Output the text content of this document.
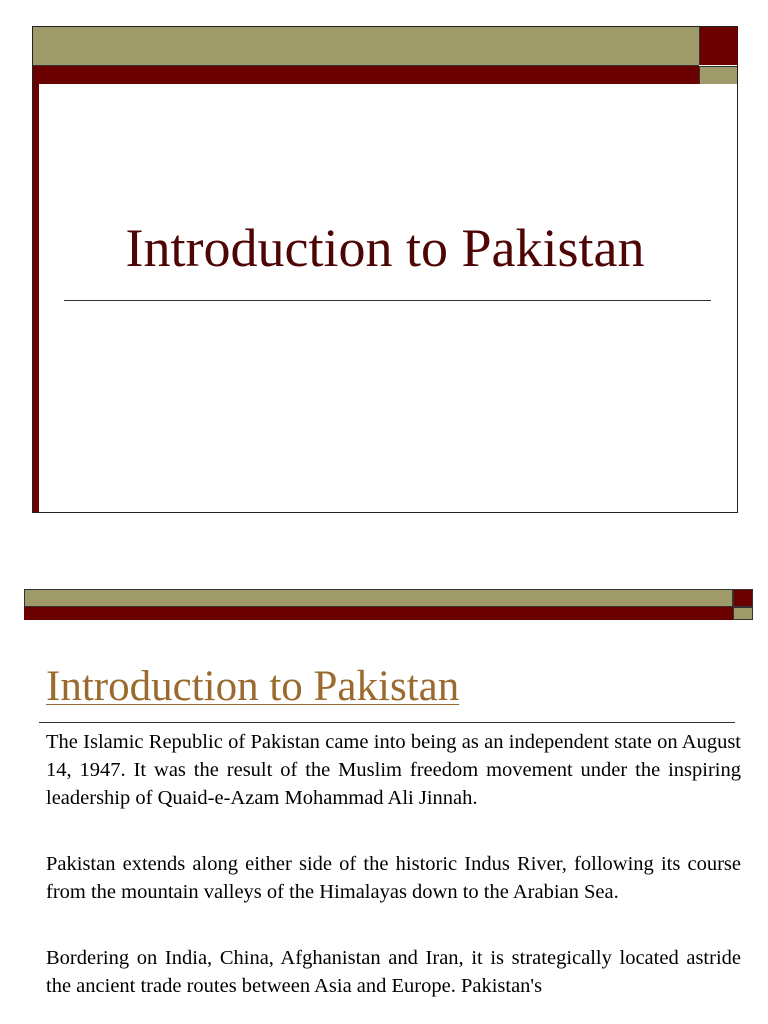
Introduction to Pakistan
Introduction to Pakistan

The Islamic Republic of Pakistan came into being as an independent state on August 14, 1947. It was the result of the Muslim freedom movement under the inspiring leadership of Quaid-e-Azam Mohammad Ali Jinnah.

Pakistan extends along either side of the historic Indus River, following its course from the mountain valleys of the Himalayas down to the Arabian Sea.

Bordering on India, China, Afghanistan and Iran, it is strategically located astride the ancient trade routes between Asia and Europe. Pakistan's
